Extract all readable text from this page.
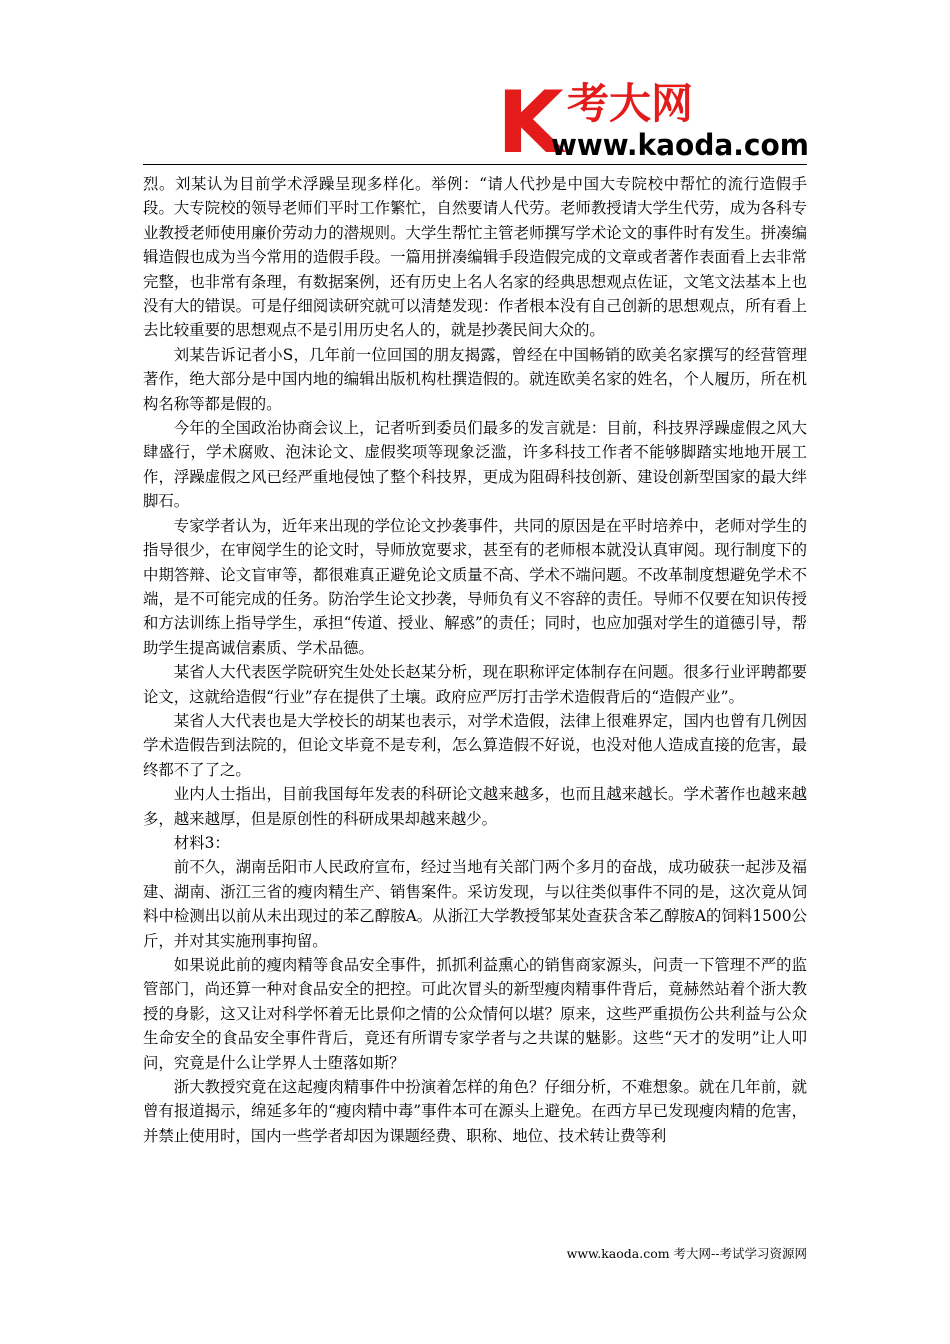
K 考大网
www.kaoda.com

烈。刘某认为目前学术浮躁呈现多样化。举例：“请人代抄是中国大专院校中帮忙的流行造假手段。大专院校的领导老师们平时工作繁忙，自然要请人代劳。老师教授请大学生代劳，成为各科专业教授老师使用廉价劳动力的潜规则。大学生帮忙主管老师撰写学术论文的事件时有发生。拼凑编辑造假也成为当今常用的造假手段。一篇用拼凑编辑手段造假完成的文章或者著作表面看上去非常完整，也非常有条理，有数据案例，还有历史上名人名家的经典思想观点佐证，文笔文法基本上也没有大的错误。可是仔细阅读研究就可以清楚发现：作者根本没有自己创新的思想观点，所有看上去比较重要的思想观点不是引用历史名人的，就是抄袭民间大众的。

刘某告诉记者小S，几年前一位回国的朋友揭露，曾经在中国畅销的欧美名家撰写的经营管理著作，绝大部分是中国内地的编辑出版机构杜撰造假的。就连欧美名家的姓名，个人履历，所在机构名称等都是假的。

今年的全国政治协商会议上，记者听到委员们最多的发言就是：目前，科技界浮躁虚假之风大肆盛行，学术腐败、泡沫论文、虚假奖项等现象泛滥，许多科技工作者不能够脚踏实地地开展工作，浮躁虚假之风已经严重地侵蚀了整个科技界，更成为阻碍科技创新、建设创新型国家的最大绊脚石。

专家学者认为，近年来出现的学位论文抄袭事件，共同的原因是在平时培养中，老师对学生的指导很少，在审阅学生的论文时，导师放宽要求，甚至有的老师根本就没认真审阅。现行制度下的中期答辩、论文盲审等，都很难真正避免论文质量不高、学术不端问题。不改革制度想避免学术不端，是不可能完成的任务。防治学生论文抄袭，导师负有义不容辞的责任。导师不仅要在知识传授和方法训练上指导学生，承担“传道、授业、解惑”的责任；同时，也应加强对学生的道德引导，帮助学生提高诚信素质、学术品德。

某省人大代表医学院研究生处处长赵某分析，现在职称评定体制存在问题。很多行业评聘都要论文，这就给造假“行业”存在提供了土壤。政府应严厉打击学术造假背后的“造假产业”。

某省人大代表也是大学校长的胡某也表示，对学术造假，法律上很难界定，国内也曾有几例因学术造假告到法院的，但论文毕竟不是专利，怎么算造假不好说，也没对他人造成直接的危害，最终都不了了之。

业内人士指出，目前我国每年发表的科研论文越来越多，也而且越来越长。学术著作也越来越多，越来越厚，但是原创性的科研成果却越来越少。

材料3：

前不久，湖南岳阳市人民政府宣布，经过当地有关部门两个多月的奋战，成功破获一起涉及福建、湖南、浙江三省的瘦肉精生产、销售案件。采访发现，与以往类似事件不同的是，这次竟从饲料中检测出以前从未出现过的苯乙醇胺A。从浙江大学教授邹某处查获含苯乙醇胺A的饲料1500公斤，并对其实施刑事拘留。

如果说此前的瘦肉精等食品安全事件，抓抓利益熏心的销售商家源头，问责一下管理不严的监管部门，尚还算一种对食品安全的把控。可此次冒头的新型瘦肉精事件背后，竟赫然站着个浙大教授的身影，这又让对科学怀着无比景仰之情的公众情何以堪？原来，这些严重损伤公共利益与公众生命安全的食品安全事件背后，竟还有所谓专家学者与之共谋的魅影。这些“天才的发明”让人叩问，究竟是什么让学界人士堕落如斯？

浙大教授究竟在这起瘦肉精事件中扮演着怎样的角色？仔细分析，不难想象。就在几年前，就曾有报道揭示，绵延多年的“瘦肉精中毒”事件本可在源头上避免。在西方早已发现瘦肉精的危害，并禁止使用时，国内一些学者却因为课题经费、职称、地位、技术转让费等利

www.kaoda.com 考大网--考试学习资源网
